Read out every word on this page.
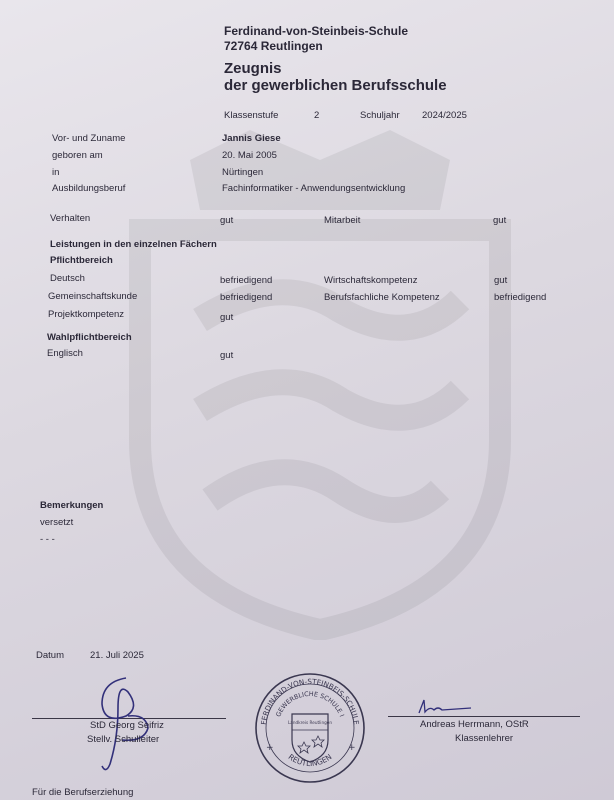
Ferdinand-von-Steinbeis-Schule
72764 Reutlingen
Zeugnis
der gewerblichen Berufsschule
Klassenstufe	2	Schuljahr 2024/2025
Vor- und Zuname	Jannis Giese
geboren am	20. Mai 2005
in	Nürtingen
Ausbildungsberuf	Fachinformatiker - Anwendungsentwicklung
Verhalten	gut	Mitarbeit	gut
Leistungen in den einzelnen Fächern
Pflichtbereich
Deutsch	befriedigend	Wirtschaftskompetenz	gut
Gemeinschaftskunde	befriedigend	Berufsfachliche Kompetenz	befriedigend
Projektkompetenz	gut
Wahlpflichtbereich
Englisch	gut
Bemerkungen
versetzt
- - -
Datum	21. Juli 2025
StD Georg Seifriz
Stellv. Schulleiter
Andreas Herrmann, OStR
Klassenlehrer
FERDINAND-VON-STEINBEIS-SCHULE
GEWERBLICHE SCHULE I
REUTLINGEN
Landkreis Reutlingen
+	+
Für die Berufserziehung
